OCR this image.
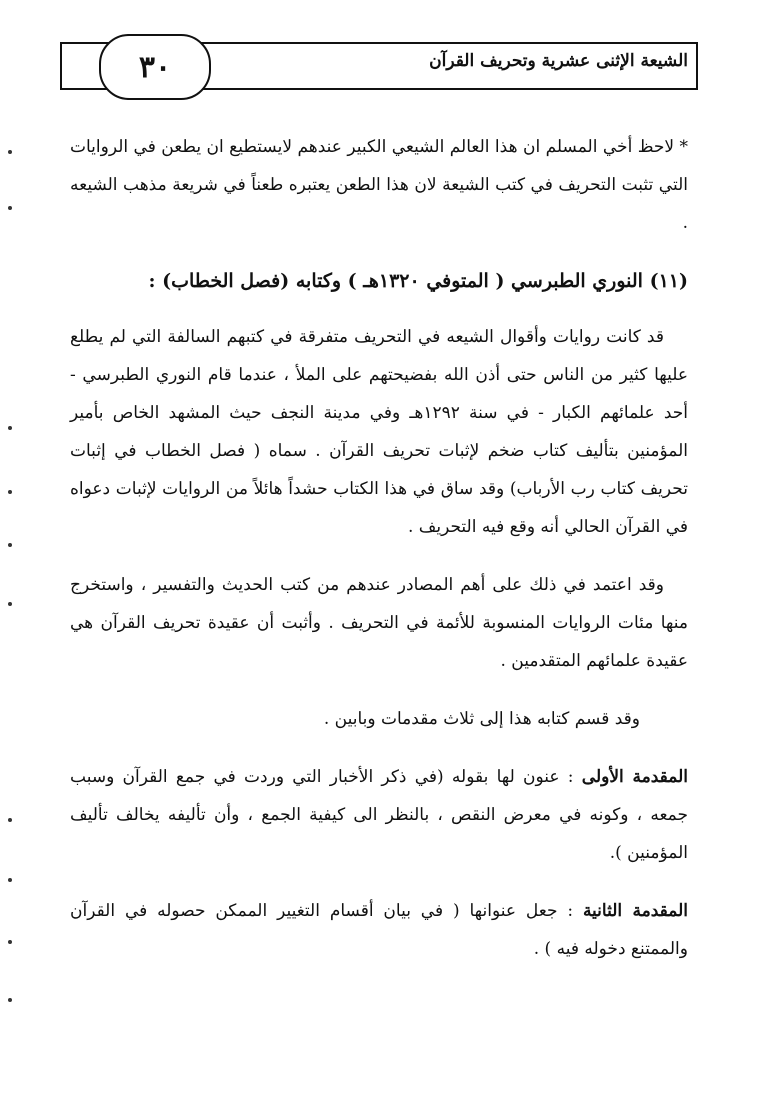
٣٠	الشيعة الإثنى عشرية وتحريف القرآن

* لاحظ أخي المسلم ان هذا العالم الشيعي الكبير عندهم لايستطيع ان يطعن في الروايات التي تثبت التحريف في كتب الشيعة لان هذا الطعن يعتبره طعناً في شريعة مذهب الشيعه .

(١١) النوري الطبرسي ( المتوفي ١٣٢٠هـ ) وكتابه (فصل الخطاب) :

قد كانت روايات وأقوال الشيعه في التحريف متفرقة في كتبهم السالفة التي لم يطلع عليها كثير من الناس حتى أذن الله بفضيحتهم على الملأ ، عندما قام النوري الطبرسي - أحد علمائهم الكبار - في سنة ١٢٩٢هـ وفي مدينة النجف حيث المشهد الخاص بأمير المؤمنين بتأليف كتاب ضخم لإثبات تحريف القرآن . سماه ( فصل الخطاب في إثبات تحريف كتاب رب الأرباب) وقد ساق في هذا الكتاب حشداً هائلاً من الروايات لإثبات دعواه في القرآن الحالي أنه وقع فيه التحريف .

وقد اعتمد في ذلك على أهم المصادر عندهم من كتب الحديث والتفسير ، واستخرج منها مئات الروايات المنسوبة للأئمة في التحريف . وأثبت أن عقيدة تحريف القرآن هي عقيدة علمائهم المتقدمين .

وقد قسم كتابه هذا إلى ثلاث مقدمات وبابين .

المقدمة الأولى : عنون لها بقوله (في ذكر الأخبار التي وردت في جمع القرآن وسبب جمعه ، وكونه في معرض النقص ، بالنظر الى كيفية الجمع ، وأن تأليفه يخالف تأليف المؤمنين ).

المقدمة الثانية : جعل عنوانها ( في بيان أقسام التغيير الممكن حصوله في القرآن والممتنع دخوله فيه ) .
